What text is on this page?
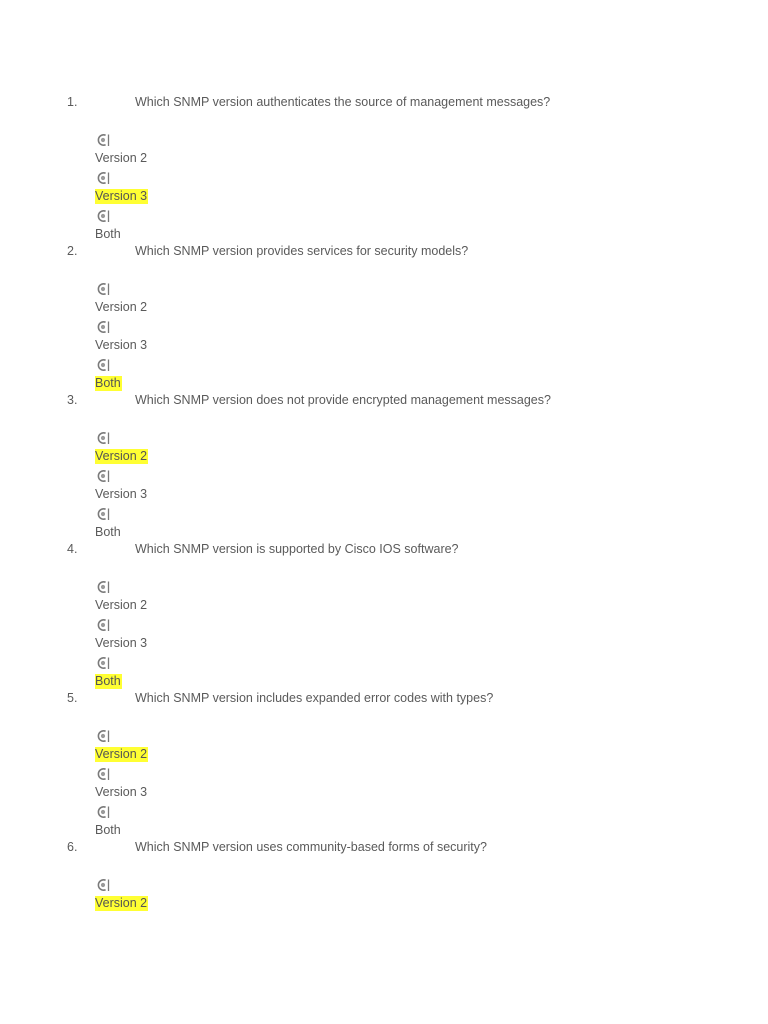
1.	Which SNMP version authenticates the source of management messages?
Version 2
Version 3
Both
2.	Which SNMP version provides services for security models?
Version 2
Version 3
Both
3.	Which SNMP version does not provide encrypted management messages?
Version 2
Version 3
Both
4.	Which SNMP version is supported by Cisco IOS software?
Version 2
Version 3
Both
5.	Which SNMP version includes expanded error codes with types?
Version 2
Version 3
Both
6.	Which SNMP version uses community-based forms of security?
Version 2
